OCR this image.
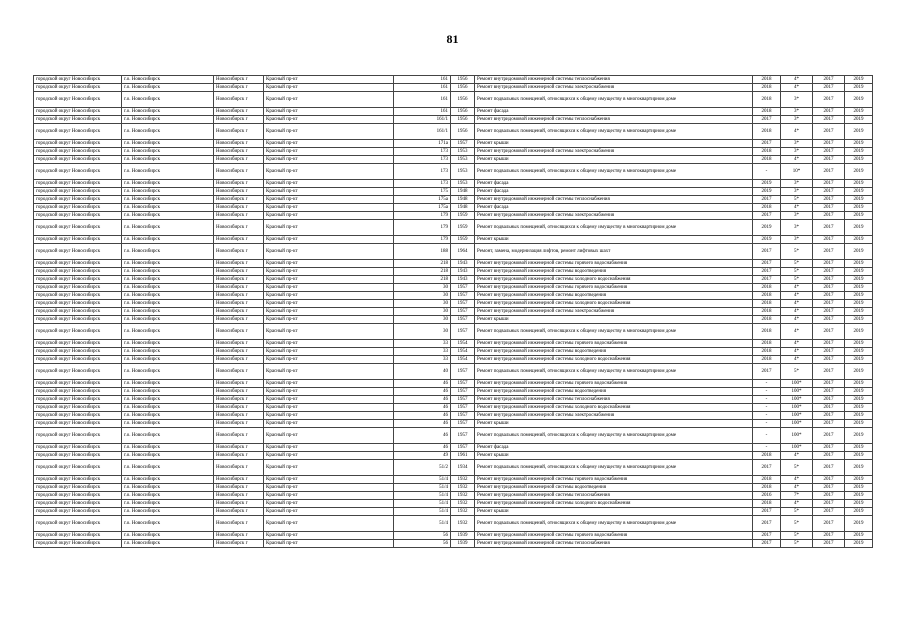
81
городской округ Новосибирск	г.о. Новосибирск	Новосибирск г	Красный пр-кт	161	1956	Ремонт внутридомовой инженерной системы теплоснабжения	2018	4*	2017	2019
городской округ Новосибирск	г.о. Новосибирск	Новосибирск г	Красный пр-кт	161	1956	Ремонт внутридомовой инженерной системы электроснабжения	2018	4*	2017	2019
городской округ Новосибирск	г.о. Новосибирск	Новосибирск г	Красный пр-кт	161	1956	Ремонт подвальных помещений, относящихся к общему имуществу в многоквартирном доме	2018	3*	2017	2019
городской округ Новосибирск	г.о. Новосибирск	Новосибирск г	Красный пр-кт	161	1956	Ремонт фасада	2018	3*	2017	2019
городской округ Новосибирск	г.о. Новосибирск	Новосибирск г	Красный пр-кт	161/1	1956	Ремонт внутридомовой инженерной системы теплоснабжения	2017	3*	2017	2019
городской округ Новосибирск	г.о. Новосибирск	Новосибирск г	Красный пр-кт	161/1	1956	Ремонт подвальных помещений, относящихся к общему имуществу в многоквартирном доме	2018	4*	2017	2019
городской округ Новосибирск	г.о. Новосибирск	Новосибирск г	Красный пр-кт	171а	1957	Ремонт крыши	2017	3*	2017	2019
городской округ Новосибирск	г.о. Новосибирск	Новосибирск г	Красный пр-кт	173	1953	Ремонт внутридомовой инженерной системы электроснабжения	2018	3*	2017	2019
городской округ Новосибирск	г.о. Новосибирск	Новосибирск г	Красный пр-кт	173	1953	Ремонт крыши	2018	4*	2017	2019
городской округ Новосибирск	г.о. Новосибирск	Новосибирск г	Красный пр-кт	173	1953	Ремонт подвальных помещений, относящихся к общему имуществу в многоквартирном доме	-	10*	2017	2019
городской округ Новосибирск	г.о. Новосибирск	Новосибирск г	Красный пр-кт	173	1953	Ремонт фасада	2019	3*	2017	2019
городской округ Новосибирск	г.о. Новосибирск	Новосибирск г	Красный пр-кт	175	1948	Ремонт фасада	2019	3*	2017	2019
городской округ Новосибирск	г.о. Новосибирск	Новосибирск г	Красный пр-кт	175а	1948	Ремонт внутридомовой инженерной системы теплоснабжения	2017	5*	2017	2019
городской округ Новосибирск	г.о. Новосибирск	Новосибирск г	Красный пр-кт	175а	1948	Ремонт фасада	2018	4*	2017	2019
городской округ Новосибирск	г.о. Новосибирск	Новосибирск г	Красный пр-кт	179	1959	Ремонт внутридомовой инженерной системы электроснабжения	2017	3*	2017	2019
городской округ Новосибирск	г.о. Новосибирск	Новосибирск г	Красный пр-кт	179	1959	Ремонт подвальных помещений, относящихся к общему имуществу в многоквартирном доме	2019	3*	2017	2019
городской округ Новосибирск	г.о. Новосибирск	Новосибирск г	Красный пр-кт	179	1959	Ремонт крыши	2019	3*	2017	2019
городской округ Новосибирск	г.о. Новосибирск	Новосибирск г	Красный пр-кт	188	1964	Ремонт, замена, модернизация лифтов, ремонт лифтовых шахт	2017	5*	2017	2019
городской округ Новосибирск	г.о. Новосибирск	Новосибирск г	Красный пр-кт	218	1943	Ремонт внутридомовой инженерной системы горячего водоснабжения	2017	5*	2017	2019
городской округ Новосибирск	г.о. Новосибирск	Новосибирск г	Красный пр-кт	218	1943	Ремонт внутридомовой инженерной системы водоотведения	2017	5*	2017	2019
городской округ Новосибирск	г.о. Новосибирск	Новосибирск г	Красный пр-кт	218	1943	Ремонт внутридомовой инженерной системы холодного водоснабжения	2017	5*	2017	2019
городской округ Новосибирск	г.о. Новосибирск	Новосибирск г	Красный пр-кт	30	1957	Ремонт внутридомовой инженерной системы горячего водоснабжения	2018	4*	2017	2019
городской округ Новосибирск	г.о. Новосибирск	Новосибирск г	Красный пр-кт	30	1957	Ремонт внутридомовой инженерной системы водоотведения	2018	4*	2017	2019
городской округ Новосибирск	г.о. Новосибирск	Новосибирск г	Красный пр-кт	30	1957	Ремонт внутридомовой инженерной системы холодного водоснабжения	2018	4*	2017	2019
городской округ Новосибирск	г.о. Новосибирск	Новосибирск г	Красный пр-кт	30	1957	Ремонт внутридомовой инженерной системы электроснабжения	2018	4*	2017	2019
городской округ Новосибирск	г.о. Новосибирск	Новосибирск г	Красный пр-кт	30	1957	Ремонт крыши	2018	4*	2017	2019
городской округ Новосибирск	г.о. Новосибирск	Новосибирск г	Красный пр-кт	30	1957	Ремонт подвальных помещений, относящихся к общему имуществу в многоквартирном доме	2018	4*	2017	2019
городской округ Новосибирск	г.о. Новосибирск	Новосибирск г	Красный пр-кт	33	1954	Ремонт внутридомовой инженерной системы горячего водоснабжения	2018	4*	2017	2019
городской округ Новосибирск	г.о. Новосибирск	Новосибирск г	Красный пр-кт	33	1954	Ремонт внутридомовой инженерной системы водоотведения	2018	4*	2017	2019
городской округ Новосибирск	г.о. Новосибирск	Новосибирск г	Красный пр-кт	33	1954	Ремонт внутридомовой инженерной системы холодного водоснабжения	2018	4*	2017	2019
городской округ Новосибирск	г.о. Новосибирск	Новосибирск г	Красный пр-кт	40	1957	Ремонт подвальных помещений, относящихся к общему имуществу в многоквартирном доме	2017	5*	2017	2019
городской округ Новосибирск	г.о. Новосибирск	Новосибирск г	Красный пр-кт	46	1957	Ремонт внутридомовой инженерной системы горячего водоснабжения	-	100*	2017	2019
городской округ Новосибирск	г.о. Новосибирск	Новосибирск г	Красный пр-кт	46	1957	Ремонт внутридомовой инженерной системы водоотведения	-	100*	2017	2019
городской округ Новосибирск	г.о. Новосибирск	Новосибирск г	Красный пр-кт	46	1957	Ремонт внутридомовой инженерной системы теплоснабжения	-	100*	2017	2019
городской округ Новосибирск	г.о. Новосибирск	Новосибирск г	Красный пр-кт	46	1957	Ремонт внутридомовой инженерной системы холодного водоснабжения	-	100*	2017	2019
городской округ Новосибирск	г.о. Новосибирск	Новосибирск г	Красный пр-кт	46	1957	Ремонт внутридомовой инженерной системы электроснабжения	-	100*	2017	2019
городской округ Новосибирск	г.о. Новосибирск	Новосибирск г	Красный пр-кт	46	1957	Ремонт крыши	-	100*	2017	2019
городской округ Новосибирск	г.о. Новосибирск	Новосибирск г	Красный пр-кт	46	1957	Ремонт подвальных помещений, относящихся к общему имуществу в многоквартирном доме	-	100*	2017	2019
городской округ Новосибирск	г.о. Новосибирск	Новосибирск г	Красный пр-кт	46	1957	Ремонт фасада	-	100*	2017	2019
городской округ Новосибирск	г.о. Новосибирск	Новосибирск г	Красный пр-кт	49	1961	Ремонт крыши	2018	4*	2017	2019
городской округ Новосибирск	г.о. Новосибирск	Новосибирск г	Красный пр-кт	51/2	1934	Ремонт подвальных помещений, относящихся к общему имуществу в многоквартирном доме	2017	5*	2017	2019
городской округ Новосибирск	г.о. Новосибирск	Новосибирск г	Красный пр-кт	51/4	1932	Ремонт внутридомовой инженерной системы горячего водоснабжения	2018	4*	2017	2019
городской округ Новосибирск	г.о. Новосибирск	Новосибирск г	Красный пр-кт	51/4	1932	Ремонт внутридомовой инженерной системы водоотведения	2018	4*	2017	2019
городской округ Новосибирск	г.о. Новосибирск	Новосибирск г	Красный пр-кт	51/4	1932	Ремонт внутридомовой инженерной системы теплоснабжения	2016	7*	2017	2019
городской округ Новосибирск	г.о. Новосибирск	Новосибирск г	Красный пр-кт	51/4	1932	Ремонт внутридомовой инженерной системы холодного водоснабжения	2018	4*	2017	2019
городской округ Новосибирск	г.о. Новосибирск	Новосибирск г	Красный пр-кт	51/4	1932	Ремонт крыши	2017	5*	2017	2019
городской округ Новосибирск	г.о. Новосибирск	Новосибирск г	Красный пр-кт	51/4	1932	Ремонт подвальных помещений, относящихся к общему имуществу в многоквартирном доме	2017	5*	2017	2019
городской округ Новосибирск	г.о. Новосибирск	Новосибирск г	Красный пр-кт	56	1939	Ремонт внутридомовой инженерной системы горячего водоснабжения	2017	5*	2017	2019
городской округ Новосибирск	г.о. Новосибирск	Новосибирск г	Красный пр-кт	56	1939	Ремонт внутридомовой инженерной системы теплоснабжения	2017	5*	2017	2019
